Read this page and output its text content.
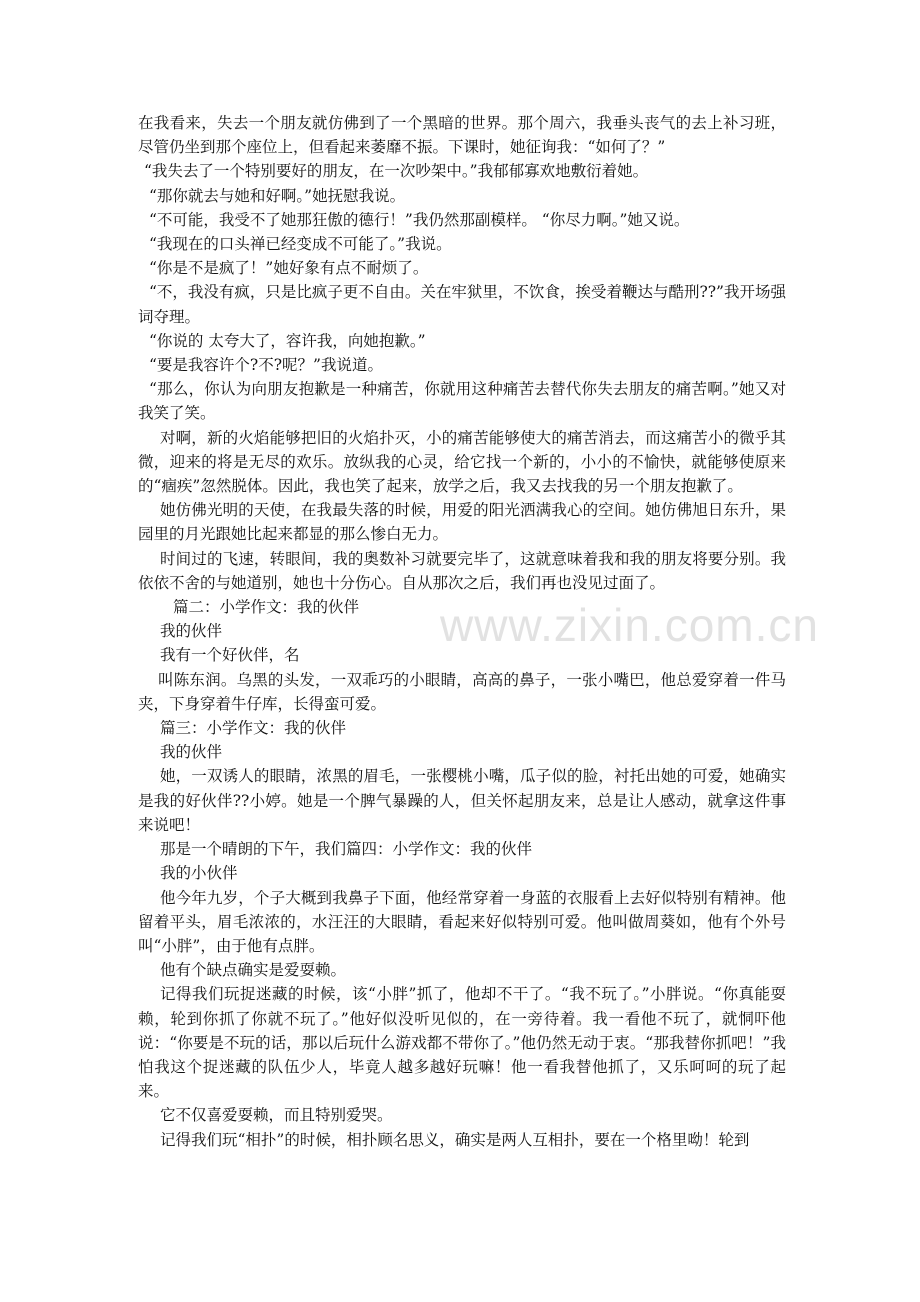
在我看来，失去一个朋友就仿佛到了一个黑暗的世界。那个周六，我垂头丧气的去上补习班，尽管仍坐到那个座位上，但看起来萎靡不振。下课时，她征询我：“如何了？”

“我失去了一个特别要好的朋友，在一次吵架中。”我郁郁寡欢地敷衍着她。

“那你就去与她和好啊。”她抚慰我说。

“不可能，我受不了她那狂傲的德行！”我仍然那副模样。 “你尽力啊。”她又说。

“我现在的口头禅已经变成不可能了。”我说。

“你是不是疯了！”她好象有点不耐烦了。

“不，我没有疯，只是比疯子更不自由。关在牢狱里，不饮食，挨受着鞭达与酷刑??”我开场强词夺理。

“你说的 太夸大了，容许我，向她抱歉。”

“要是我容许个?不?呢？”我说道。

“那么，你认为向朋友抱歉是一种痛苦，你就用这种痛苦去替代你失去朋友的痛苦啊。”她又对我笑了笑。

对啊，新的火焰能够把旧的火焰扑灭，小的痛苦能够使大的痛苦消去，而这痛苦小的微乎其微，迎来的将是无尽的欢乐。放纵我的心灵，给它找一个新的，小小的不愉快，就能够使原来的“痼疾”忽然脱体。因此，我也笑了起来，放学之后，我又去找我的另一个朋友抱歉了。

她仿佛光明的天使，在我最失落的时候，用爱的阳光洒满我心的空间。她仿佛旭日东升，果园里的月光跟她比起来都显的那么惨白无力。

时间过的飞速，转眼间，我的奥数补习就要完毕了，这就意味着我和我的朋友将要分别。我依依不舍的与她道别，她也十分伤心。自从那次之后，我们再也没见过面了。

篇二：小学作文：我的伙伴

我的伙伴

我有一个好伙伴，名

叫陈东润。乌黑的头发，一双乖巧的小眼睛，高高的鼻子，一张小嘴巴，他总爱穿着一件马夹，下身穿着牛仔库，长得蛮可爱。

篇三：小学作文：我的伙伴

我的伙伴

她，一双诱人的眼睛，浓黑的眉毛，一张樱桃小嘴，瓜子似的脸，衬托出她的可爱，她确实是我的好伙伴??小婷。她是一个脾气暴躁的人，但关怀起朋友来，总是让人感动，就拿这件事来说吧！

那是一个晴朗的下午，我们篇四：小学作文：我的伙伴

我的小伙伴

他今年九岁，个子大概到我鼻子下面，他经常穿着一身蓝的衣服看上去好似特别有精神。他留着平头，眉毛浓浓的，水汪汪的大眼睛，看起来好似特别可爱。他叫做周葵如，他有个外号叫“小胖”，由于他有点胖。

他有个缺点确实是爱耍赖。

记得我们玩捉迷藏的时候，该“小胖”抓了，他却不干了。“我不玩了。”小胖说。“你真能耍赖，轮到你抓了你就不玩了。”他好似没听见似的，在一旁待着。我一看他不玩了，就恫吓他说：“你要是不玩的话，那以后玩什么游戏都不带你了。”他仍然无动于衷。“那我替你抓吧！”我怕我这个捉迷藏的队伍少人，毕竟人越多越好玩嘛！他一看我替他抓了，又乐呵呵的玩了起来。

它不仅喜爱耍赖，而且特别爱哭。

记得我们玩“相扑”的时候，相扑顾名思义，确实是两人互相扑，要在一个格里呦！轮到

www.zixin.com.cn
